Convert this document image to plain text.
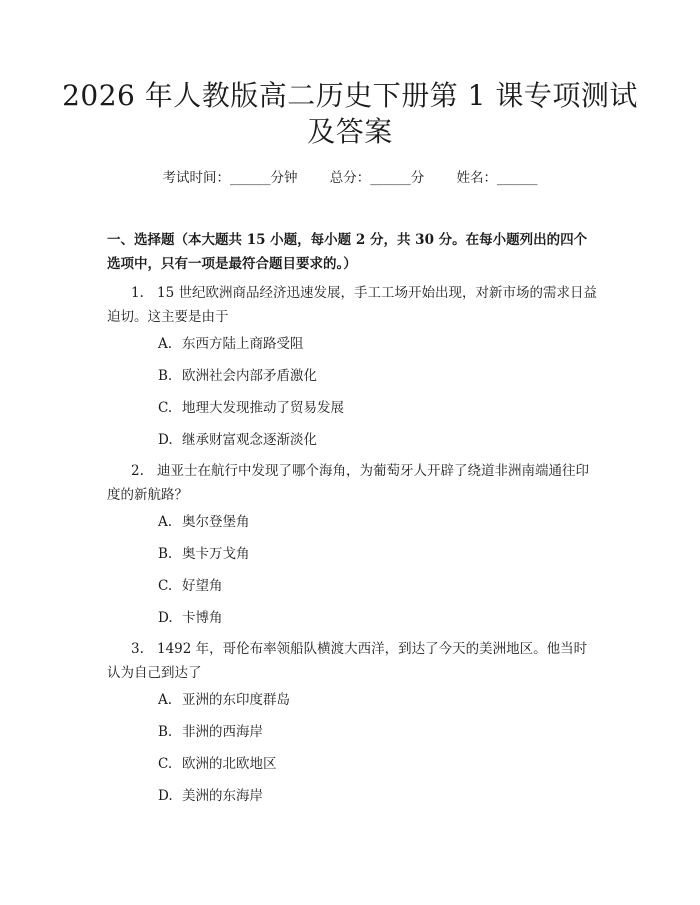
2026 年人教版高二历史下册第 1 课专项测试及答案
考试时间：______分钟 总分：______分 姓名：______

一、选择题（本大题共 15 小题，每小题 2 分，共 30 分。在每小题列出的四个选项中，只有一项是最符合题目要求的。）

1. 15 世纪欧洲商品经济迅速发展，手工工场开始出现，对新市场的需求日益迫切。这主要是由于

A. 东西方陆上商路受阻
B. 欧洲社会内部矛盾激化
C. 地理大发现推动了贸易发展
D. 继承财富观念逐渐淡化

2. 迪亚士在航行中发现了哪个海角，为葡萄牙人开辟了绕道非洲南端通往印度的新航路？

A. 奥尔登堡角
B. 奥卡万戈角
C. 好望角
D. 卡博角

3. 1492 年，哥伦布率领船队横渡大西洋，到达了今天的美洲地区。他当时认为自己到达了

A. 亚洲的东印度群岛
B. 非洲的西海岸
C. 欧洲的北欧地区
D. 美洲的东海岸
